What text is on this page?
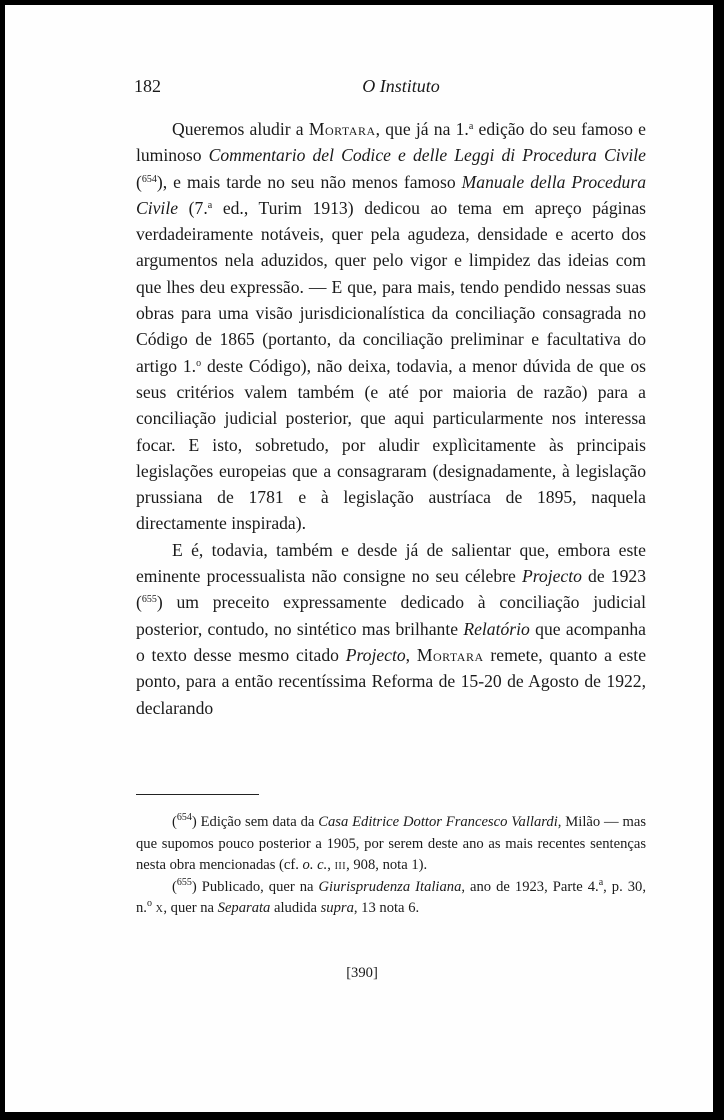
182	O Instituto

Queremos aludir a Mortara, que já na 1.$^a$ edição do seu famoso e luminoso Commentario del Codice e delle Leggi di Procedura Civile ($^{654}$), e mais tarde no seu não menos famoso Manuale della Procedura Civile (7.$^a$ ed., Turim 1913) dedicou ao tema em apreço páginas verdadeiramente notáveis, quer pela agudeza, densidade e acerto dos argumentos nela aduzidos, quer pelo vigor e limpidez das ideias com que lhes deu expressão. — E que, para mais, tendo pendido nessas suas obras para uma visão jurisdicionalística da conciliação consagrada no Código de 1865 (portanto, da conciliação preliminar e facultativa do artigo 1.$^o$ deste Código), não deixa, todavia, a menor dúvida de que os seus critérios valem também (e até por maioria de razão) para a conciliação judicial posterior, que aqui particularmente nos interessa focar. E isto, sobretudo, por aludir explìcitamente às principais legislações europeias que a consagraram (designadamente, à legislação prussiana de 1781 e à legislação austríaca de 1895, naquela directamente inspirada).

E é, todavia, também e desde já de salientar que, embora este eminente processualista não consigne no seu célebre Projecto de 1923 ($^{655}$) um preceito expressamente dedicado à conciliação judicial posterior, contudo, no sintético mas brilhante Relatório que acompanha o texto desse mesmo citado Projecto, Mortara remete, quanto a este ponto, para a então recentíssima Reforma de 15-20 de Agosto de 1922, declarando

($^{654}$) Edição sem data da Casa Editrice Dottor Francesco Vallardi, Milão — mas que supomos pouco posterior a 1905, por serem deste ano as mais recentes sentenças nesta obra mencionadas (cf. o. c., iii, 908, nota 1).

($^{655}$) Publicado, quer na Giurisprudenza Italiana, ano de 1923, Parte 4.$^a$, p. 30, n.$^o$ x, quer na Separata aludida supra, 13 nota 6.

[390]
